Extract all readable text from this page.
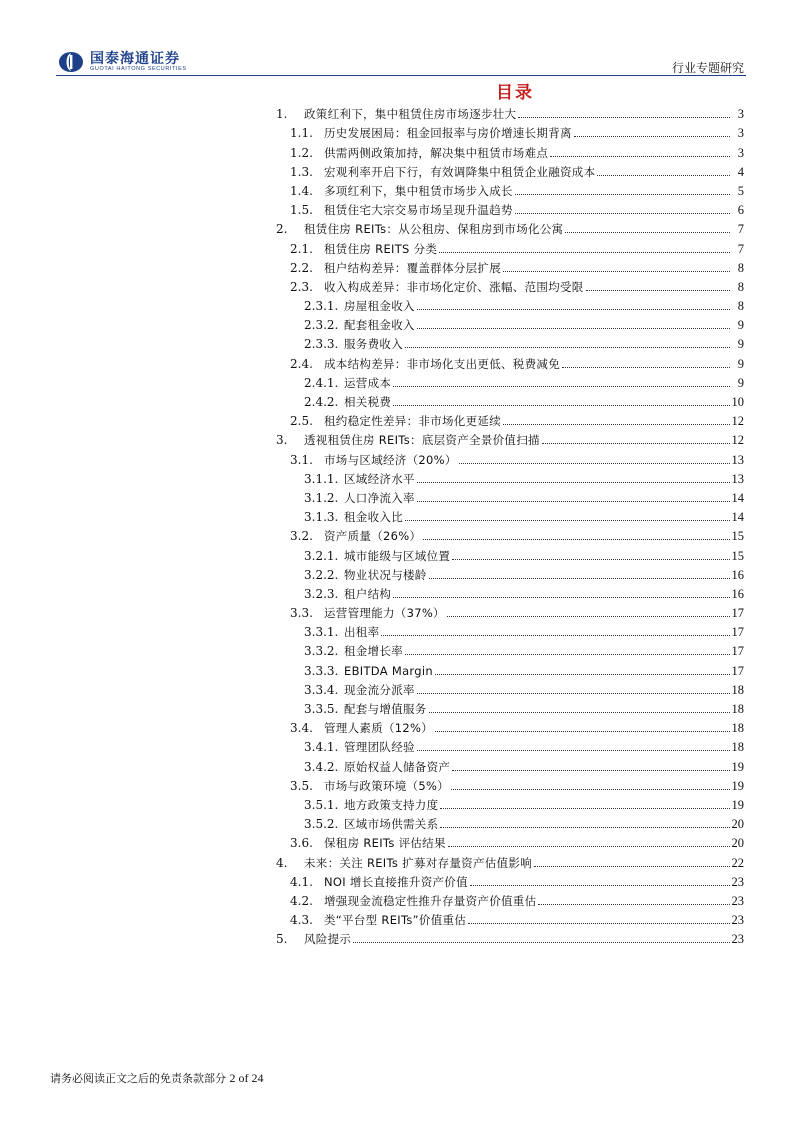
国泰海通证券
GUOTAI HAITONG SECURITIES	行业专题研究
目录
1.	政策红利下，集中租赁住房市场逐步壮大	3
1.1. 历史发展困局：租金回报率与房价增速长期背离	3
1.2. 供需两侧政策加持，解决集中租赁市场难点	3
1.3. 宏观利率开启下行，有效调降集中租赁企业融资成本	4
1.4. 多项红利下，集中租赁市场步入成长	5
1.5. 租赁住宅大宗交易市场呈现升温趋势	6
2.	租赁住房 REITs：从公租房、保租房到市场化公寓	7
2.1. 租赁住房 REITS 分类	7
2.2. 租户结构差异：覆盖群体分层扩展	8
2.3. 收入构成差异：非市场化定价、涨幅、范围均受限	8
2.3.1. 房屋租金收入	8
2.3.2. 配套租金收入	9
2.3.3. 服务费收入	9
2.4. 成本结构差异：非市场化支出更低、税费减免	9
2.4.1. 运营成本	9
2.4.2. 相关税费	10
2.5. 租约稳定性差异：非市场化更延续	12
3.	透视租赁住房 REITs：底层资产全景价值扫描	12
3.1. 市场与区域经济（20%）	13
3.1.1. 区域经济水平	13
3.1.2. 人口净流入率	14
3.1.3. 租金收入比	14
3.2. 资产质量（26%）	15
3.2.1. 城市能级与区域位置	15
3.2.2. 物业状况与楼龄	16
3.2.3. 租户结构	16
3.3. 运营管理能力（37%）	17
3.3.1. 出租率	17
3.3.2. 租金增长率	17
3.3.3. EBITDA Margin	17
3.3.4. 现金流分派率	18
3.3.5. 配套与增值服务	18
3.4. 管理人素质（12%）	18
3.4.1. 管理团队经验	18
3.4.2. 原始权益人储备资产	19
3.5. 市场与政策环境（5%）	19
3.5.1. 地方政策支持力度	19
3.5.2. 区域市场供需关系	20
3.6. 保租房 REITs 评估结果	20
4.	未来：关注 REITs 扩募对存量资产估值影响	22
4.1. NOI 增长直接推升资产价值	23
4.2. 增强现金流稳定性推升存量资产价值重估	23
4.3. 类“平台型 REITs”价值重估	23
5.	风险提示	23
请务必阅读正文之后的免责条款部分 2 of 24
